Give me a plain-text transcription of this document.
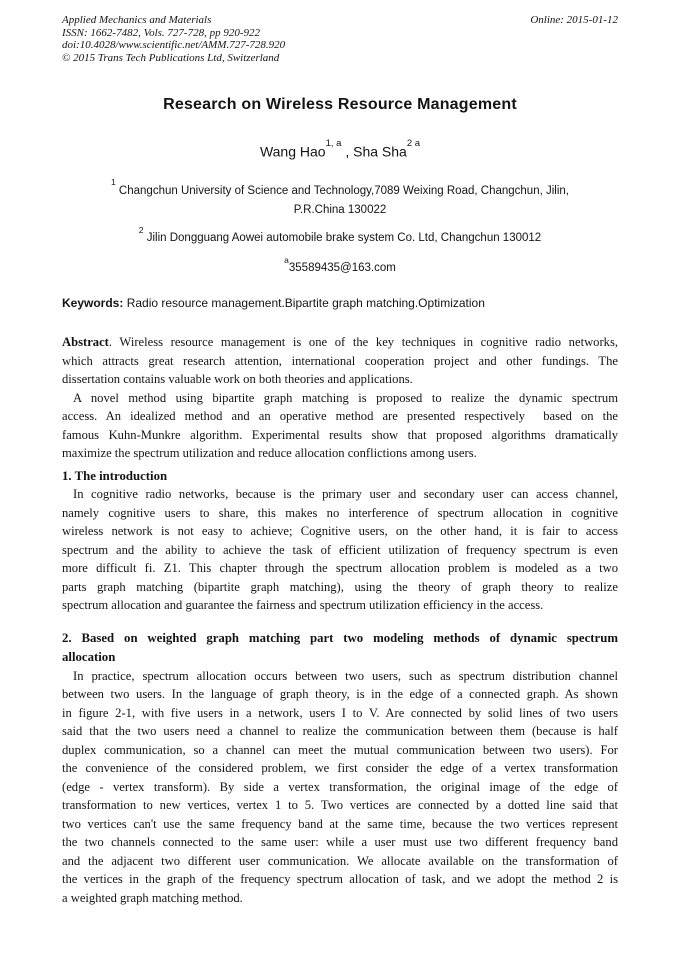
Applied Mechanics and Materials
ISSN: 1662-7482, Vols. 727-728, pp 920-922
doi:10.4028/www.scientific.net/AMM.727-728.920
© 2015 Trans Tech Publications Ltd, Switzerland
Online: 2015-01-12
Research on Wireless Resource Management
Wang Hao$^{1, a}$ , Sha Sha$^{2 a}$
$^1$ Changchun University of Science and Technology,7089 Weixing Road, Changchun, Jilin,
P.R.China 130022
$^2$ Jilin Dongguang Aowei automobile brake system Co. Ltd, Changchun 130012
$^a$35589435@163.com
Keywords: Radio resource management.Bipartite graph matching.Optimization
Abstract. Wireless resource management is one of the key techniques in cognitive radio networks,
which attracts great research attention, international cooperation project and other fundings. The
dissertation contains valuable work on both theories and applications.
A novel method using bipartite graph matching is proposed to realize the dynamic spectrum
access. An idealized method and an operative method are presented respectively  based on the
famous Kuhn-Munkre algorithm. Experimental results show that proposed algorithms dramatically
maximize the spectrum utilization and reduce allocation conflictions among users.
1. The introduction
In cognitive radio networks, because is the primary user and secondary user can access channel,
namely cognitive users to share, this makes no interference of spectrum allocation in cognitive
wireless network is not easy to achieve; Cognitive users, on the other hand, it is fair to access
spectrum and the ability to achieve the task of efficient utilization of frequency spectrum is even
more difficult fi. Z1. This chapter through the spectrum allocation problem is modeled as a two
parts graph matching (bipartite graph matching), using the theory of graph theory to realize
spectrum allocation and guarantee the fairness and spectrum utilization efficiency in the access.
2. Based on weighted graph matching part two modeling methods of dynamic spectrum
allocation
In practice, spectrum allocation occurs between two users, such as spectrum distribution channel
between two users. In the language of graph theory, is in the edge of a connected graph. As shown
in figure 2-1, with five users in a network, users I to V. Are connected by solid lines of two users
said that the two users need a channel to realize the communication between them (because is half
duplex communication, so a channel can meet the mutual communication between two users). For
the convenience of the considered problem, we first consider the edge of a vertex transformation
(edge - vertex transform). By side a vertex transformation, the original image of the edge of
transformation to new vertices, vertex 1 to 5. Two vertices are connected by a dotted line said that
two vertices can't use the same frequency band at the same time, because the two vertices represent
the two channels connected to the same user: while a user must use two different frequency band
and the adjacent two different user communication. We allocate available on the transformation of
the vertices in the graph of the frequency spectrum allocation of task, and we adopt the method 2 is
a weighted graph matching method.
